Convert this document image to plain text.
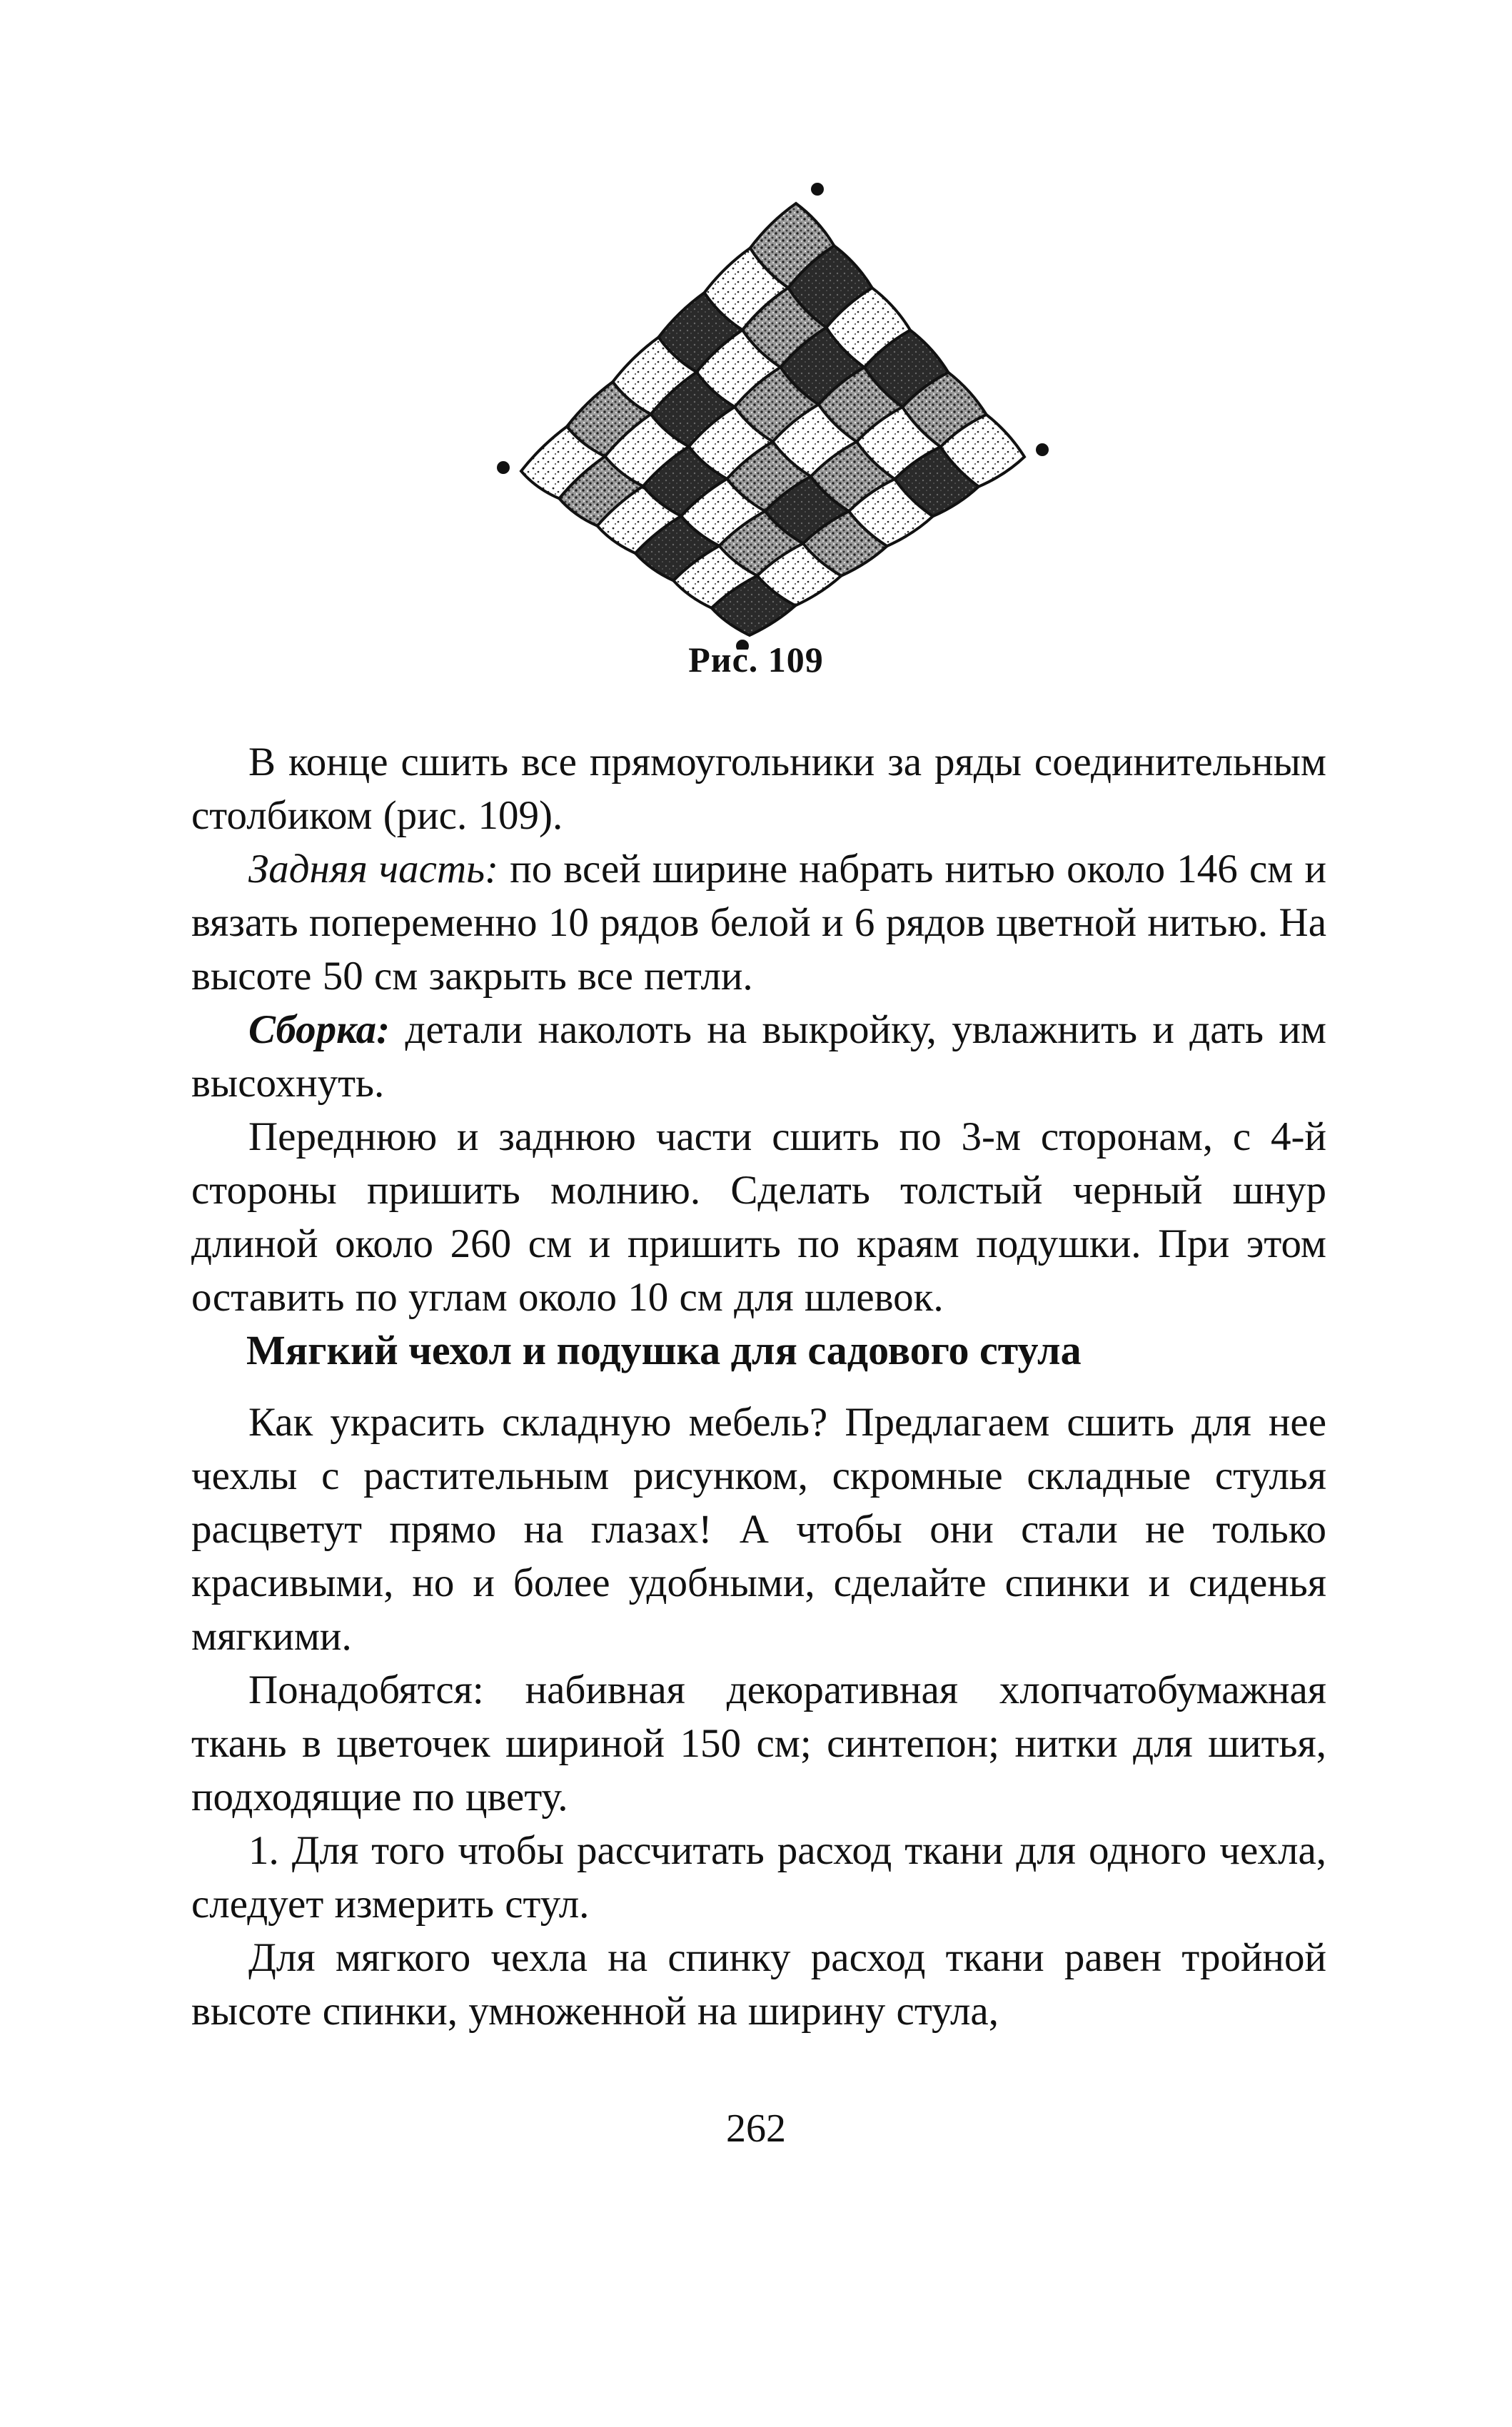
Рис. 109

В конце сшить все прямоугольники за ряды соединительным столбиком (рис. 109).

Задняя часть: по всей ширине набрать нитью около 146 см и вязать попеременно 10 рядов белой и 6 рядов цветной нитью. На высоте 50 см закрыть все петли.

Сборка: детали наколоть на выкройку, увлажнить и дать им высохнуть.

Переднюю и заднюю части сшить по 3-м сторонам, с 4-й стороны пришить молнию. Сделать толстый черный шнур длиной около 260 см и пришить по краям подушки. При этом оставить по углам около 10 см для шлевок.

Мягкий чехол и подушка для садового стула

Как украсить складную мебель? Предлагаем сшить для нее чехлы с растительным рисунком, скромные складные стулья расцветут прямо на глазах! А чтобы они стали не только красивыми, но и более удобными, сделайте спинки и сиденья мягкими.

Понадобятся: набивная декоративная хлопчатобумажная ткань в цветочек шириной 150 см; синтепон; нитки для шитья, подходящие по цвету.

1. Для того чтобы рассчитать расход ткани для одного чехла, следует измерить стул.

Для мягкого чехла на спинку расход ткани равен тройной высоте спинки, умноженной на ширину стула,

262
